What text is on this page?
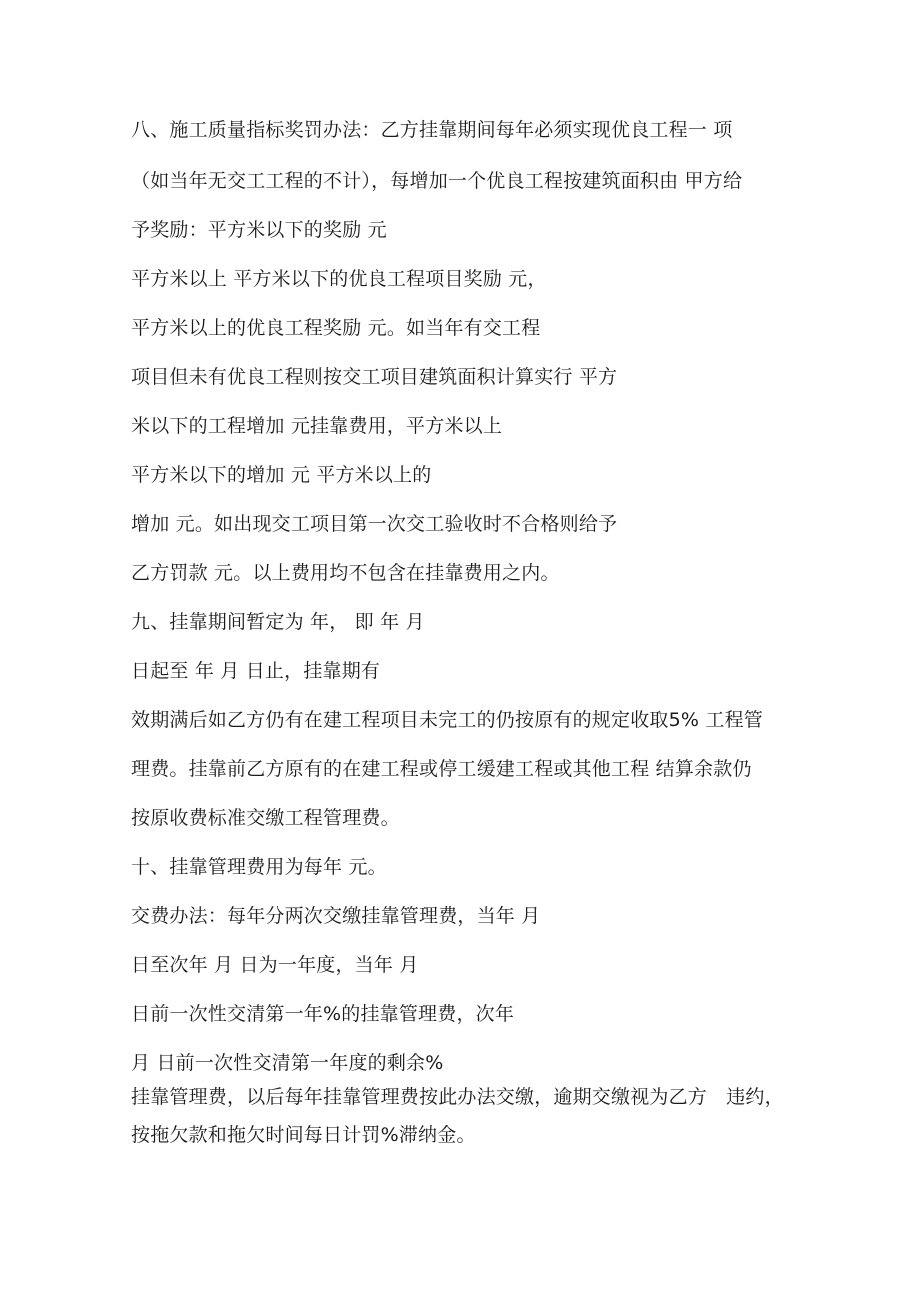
八、施工质量指标奖罚办法：乙方挂靠期间每年必须实现优良工程一 项
（如当年无交工工程的不计），每增加一个优良工程按建筑面积由 甲方给
予奖励：平方米以下的奖励 元
平方米以上 平方米以下的优良工程项目奖励 元，
平方米以上的优良工程奖励 元。如当年有交工程
项目但未有优良工程则按交工项目建筑面积计算实行 平方
米以下的工程增加 元挂靠费用，平方米以上
平方米以下的增加 元 平方米以上的
增加 元。如出现交工项目第一次交工验收时不合格则给予
乙方罚款 元。以上费用均不包含在挂靠费用之内。
九、挂靠期间暂定为 年， 即 年 月
日起至 年 月 日止，挂靠期有
效期满后如乙方仍有在建工程项目未完工的仍按原有的规定收取5% 工程管
理费。挂靠前乙方原有的在建工程或停工缓建工程或其他工程 结算余款仍
按原收费标准交缴工程管理费。
十、挂靠管理费用为每年 元。
交费办法：每年分两次交缴挂靠管理费，当年 月
日至次年 月 日为一年度，当年 月
日前一次性交清第一年%的挂靠管理费，次年
月 日前一次性交清第一年度的剩余%
挂靠管理费，以后每年挂靠管理费按此办法交缴，逾期交缴视为乙方　违约，
按拖欠款和拖欠时间每日计罚%滞纳金。
